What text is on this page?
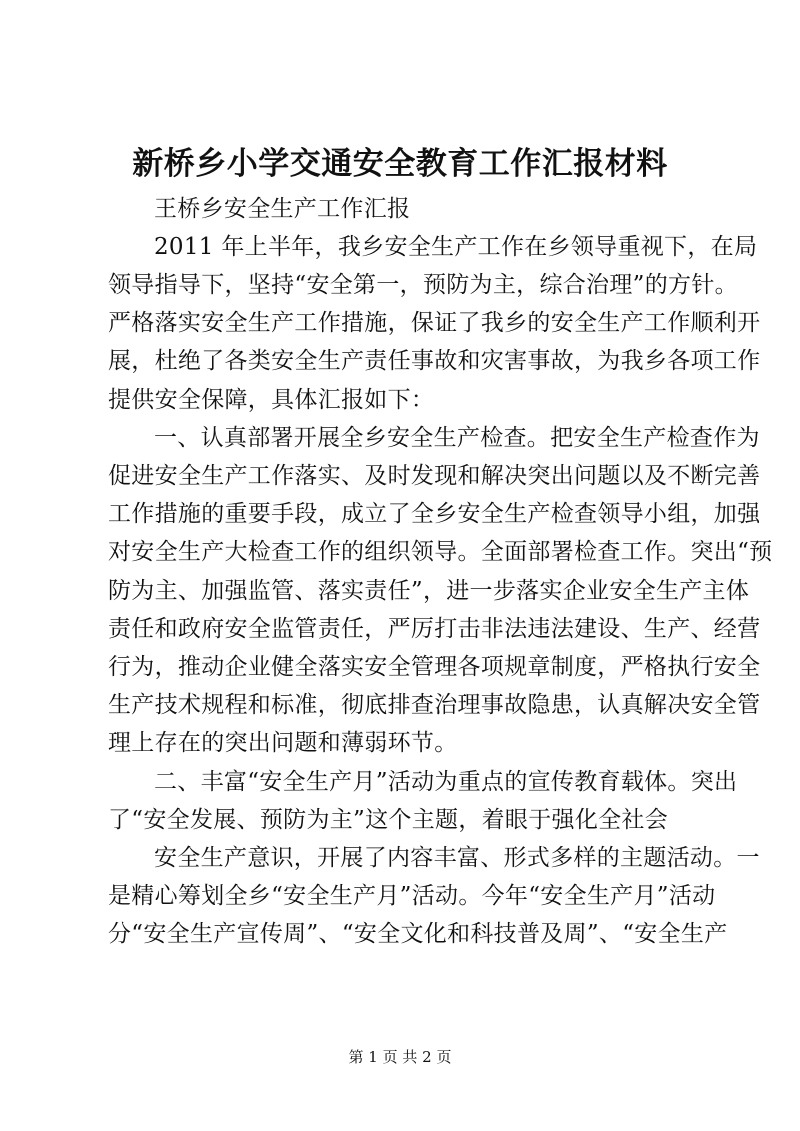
新桥乡小学交通安全教育工作汇报材料
王桥乡安全生产工作汇报
2011 年上半年，我乡安全生产工作在乡领导重视下，在局
领导指导下，坚持“安全第一，预防为主，综合治理”的方针。
严格落实安全生产工作措施，保证了我乡的安全生产工作顺利开
展，杜绝了各类安全生产责任事故和灾害事故，为我乡各项工作
提供安全保障，具体汇报如下：
一、认真部署开展全乡安全生产检查。把安全生产检查作为
促进安全生产工作落实、及时发现和解决突出问题以及不断完善
工作措施的重要手段，成立了全乡安全生产检查领导小组，加强
对安全生产大检查工作的组织领导。全面部署检查工作。突出“预
防为主、加强监管、落实责任”，进一步落实企业安全生产主体
责任和政府安全监管责任，严厉打击非法违法建设、生产、经营
行为，推动企业健全落实安全管理各项规章制度，严格执行安全
生产技术规程和标准，彻底排查治理事故隐患，认真解决安全管
理上存在的突出问题和薄弱环节。
二、丰富“安全生产月”活动为重点的宣传教育载体。突出
了“安全发展、预防为主”这个主题，着眼于强化全社会
安全生产意识，开展了内容丰富、形式多样的主题活动。一
是精心筹划全乡“安全生产月”活动。今年“安全生产月”活动
分“安全生产宣传周”、“安全文化和科技普及周”、“安全生产
第 1 页 共 2 页
